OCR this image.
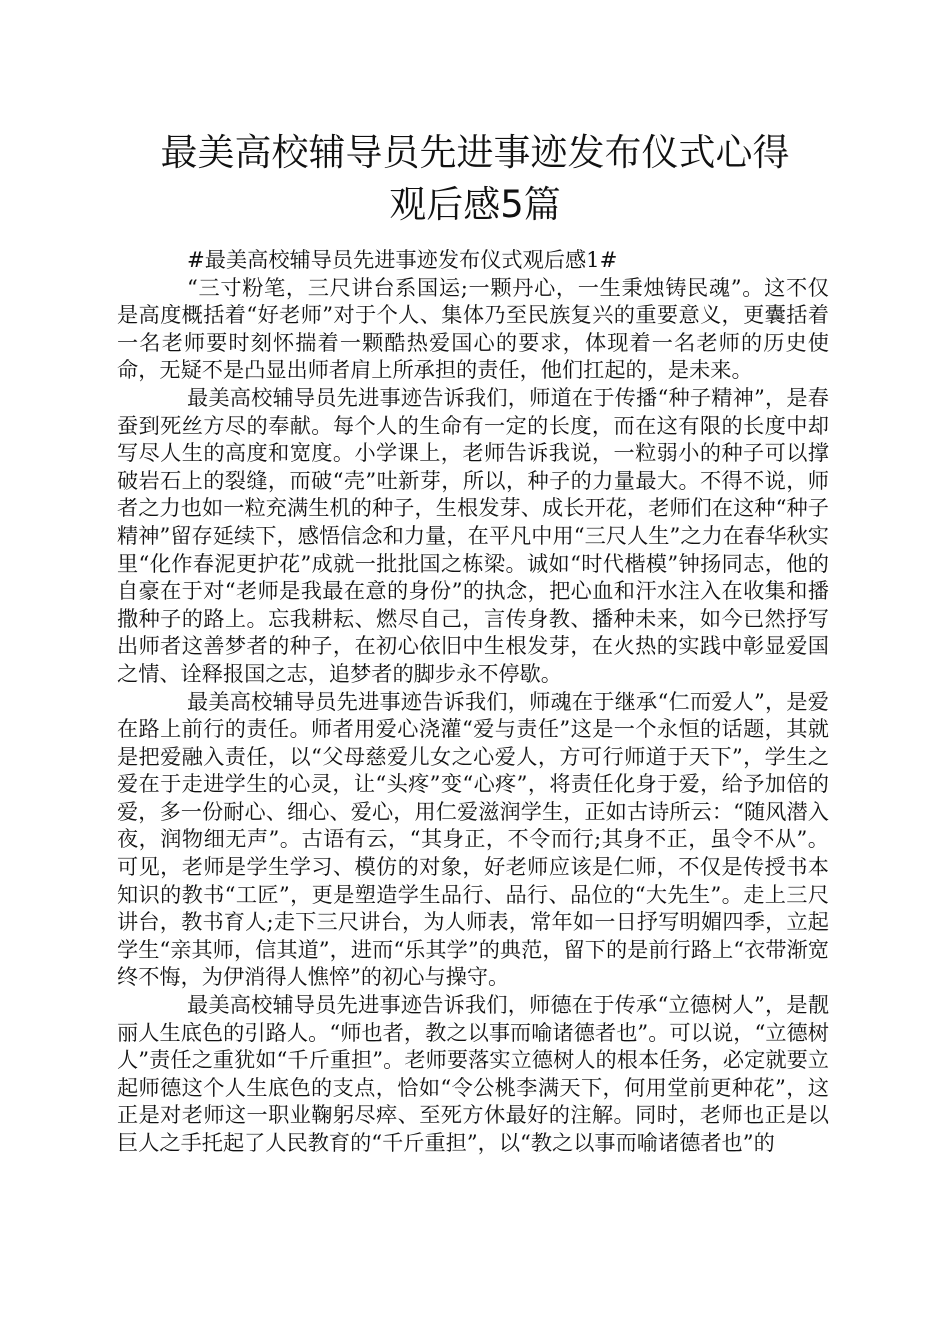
最美高校辅导员先进事迹发布仪式心得
观后感5篇
#最美高校辅导员先进事迹发布仪式观后感1#

“三寸粉笔，三尺讲台系国运;一颗丹心，一生秉烛铸民魂”。这不仅是高度概括着“好老师”对于个人、集体乃至民族复兴的重要意义，更囊括着一名老师要时刻怀揣着一颗酷热爱国心的要求，体现着一名老师的历史使命，无疑不是凸显出师者肩上所承担的责任，他们扛起的，是未来。

最美高校辅导员先进事迹告诉我们，师道在于传播“种子精神”，是春蚕到死丝方尽的奉献。每个人的生命有一定的长度，而在这有限的长度中却写尽人生的高度和宽度。小学课上，老师告诉我说，一粒弱小的种子可以撑破岩石上的裂缝，而破“壳”吐新芽，所以，种子的力量最大。不得不说，师者之力也如一粒充满生机的种子，生根发芽、成长开花，老师们在这种“种子精神”留存延续下，感悟信念和力量，在平凡中用“三尺人生”之力在春华秋实里“化作春泥更护花”成就一批批国之栋梁。诚如“时代楷模”钟扬同志，他的自豪在于对“老师是我最在意的身份”的执念，把心血和汗水注入在收集和播撒种子的路上。忘我耕耘、燃尽自己，言传身教、播种未来，如今已然抒写出师者这善梦者的种子，在初心依旧中生根发芽，在火热的实践中彰显爱国之情、诠释报国之志，追梦者的脚步永不停歇。

最美高校辅导员先进事迹告诉我们，师魂在于继承“仁而爱人”，是爱在路上前行的责任。师者用爱心浇灌“爱与责任”这是一个永恒的话题，其就是把爱融入责任，以“父母慈爱儿女之心爱人，方可行师道于天下”，学生之爱在于走进学生的心灵，让“头疼”变“心疼”，将责任化身于爱，给予加倍的爱，多一份耐心、细心、爱心，用仁爱滋润学生，正如古诗所云：“随风潜入夜，润物细无声”。古语有云，“其身正，不令而行;其身不正，虽令不从”。可见，老师是学生学习、模仿的对象，好老师应该是仁师，不仅是传授书本知识的教书“工匠”，更是塑造学生品行、品行、品位的“大先生”。走上三尺讲台，教书育人;走下三尺讲台，为人师表，常年如一日抒写明媚四季，立起学生“亲其师，信其道”，进而“乐其学”的典范，留下的是前行路上“衣带渐宽终不悔，为伊消得人憔悴”的初心与操守。

最美高校辅导员先进事迹告诉我们，师德在于传承“立德树人”，是靓丽人生底色的引路人。“师也者，教之以事而喻诸德者也”。可以说，“立德树人”责任之重犹如“千斤重担”。老师要落实立德树人的根本任务，必定就要立起师德这个人生底色的支点，恰如“令公桃李满天下，何用堂前更种花”，这正是对老师这一职业鞠躬尽瘁、至死方休最好的注解。同时，老师也正是以巨人之手托起了人民教育的“千斤重担”，以“教之以事而喻诸德者也”的
